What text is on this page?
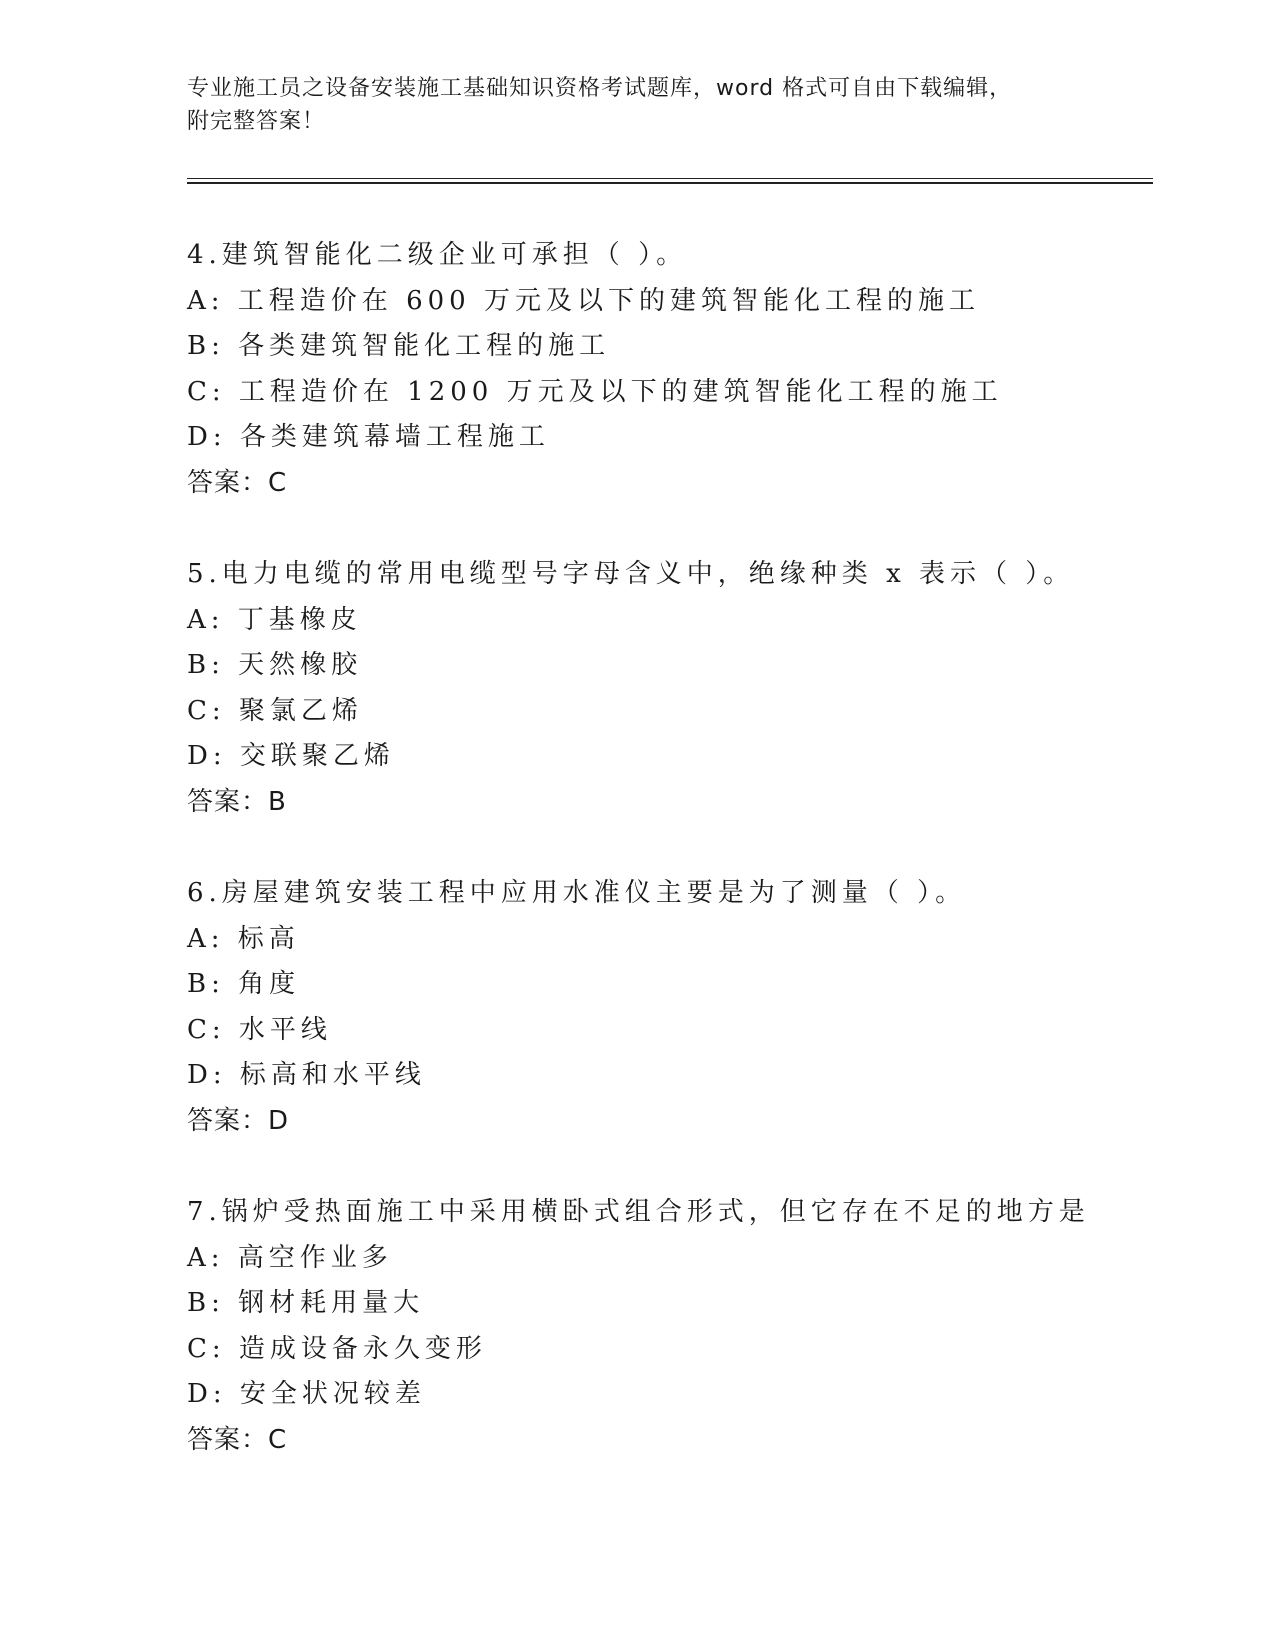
专业施工员之设备安装施工基础知识资格考试题库，word 格式可自由下载编辑，
附完整答案！
4.建筑智能化二级企业可承担（ ）。
A: 工程造价在 600 万元及以下的建筑智能化工程的施工
B: 各类建筑智能化工程的施工
C: 工程造价在 1200 万元及以下的建筑智能化工程的施工
D: 各类建筑幕墙工程施工
答案：C
5.电力电缆的常用电缆型号字母含义中，绝缘种类 x 表示（ ）。
A: 丁基橡皮
B: 天然橡胶
C: 聚氯乙烯
D: 交联聚乙烯
答案：B
6.房屋建筑安装工程中应用水准仪主要是为了测量（ ）。
A: 标高
B: 角度
C: 水平线
D: 标高和水平线
答案：D
7.锅炉受热面施工中采用横卧式组合形式，但它存在不足的地方是
A: 高空作业多
B: 钢材耗用量大
C: 造成设备永久变形
D: 安全状况较差
答案：C
